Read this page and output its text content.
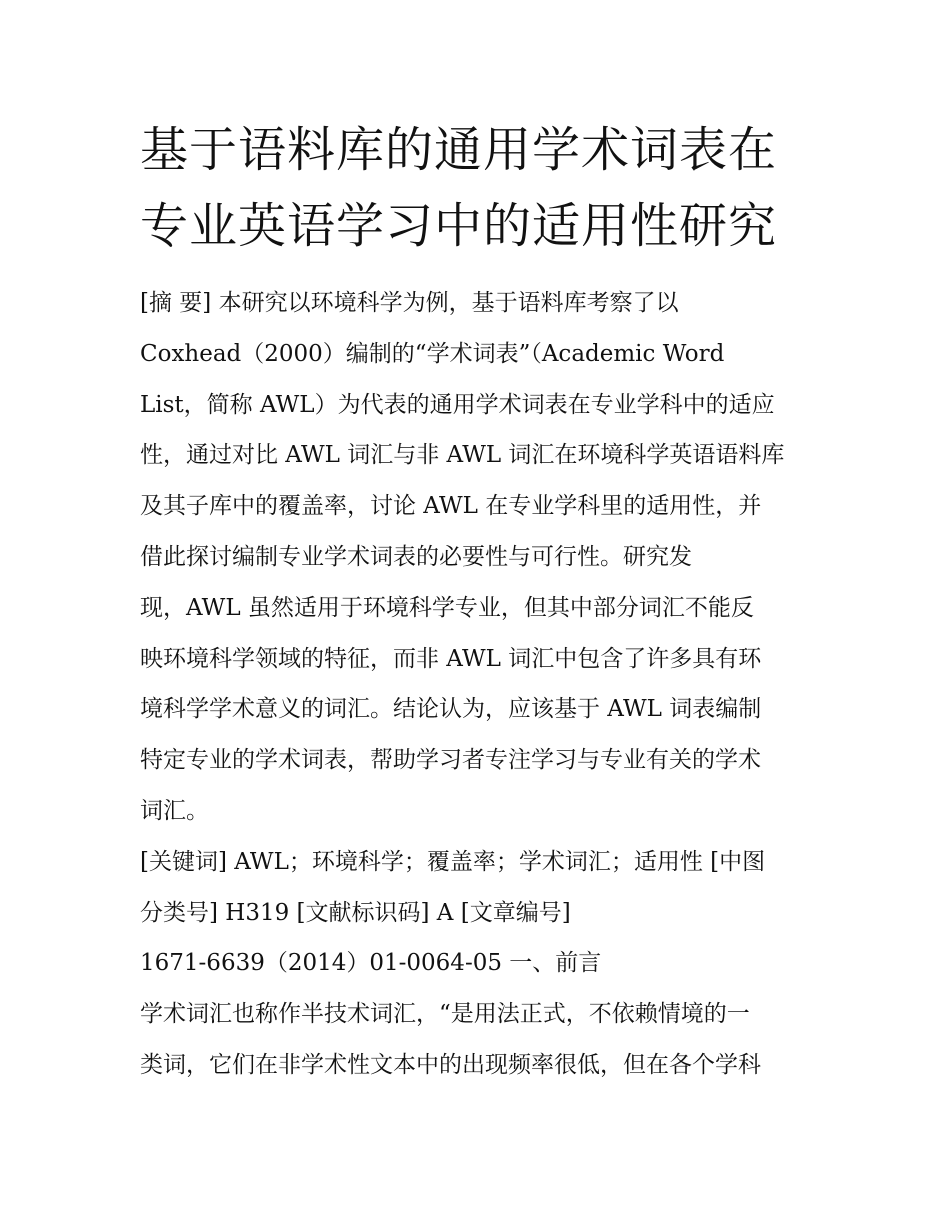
基于语料库的通用学术词表在
专业英语学习中的适用性研究
[摘 要] 本研究以环境科学为例，基于语料库考察了以
Coxhead（2000）编制的“学术词表”（Academic Word
List，简称 AWL）为代表的通用学术词表在专业学科中的适应
性，通过对比 AWL 词汇与非 AWL 词汇在环境科学英语语料库
及其子库中的覆盖率，讨论 AWL 在专业学科里的适用性，并
借此探讨编制专业学术词表的必要性与可行性。研究发
现，AWL 虽然适用于环境科学专业，但其中部分词汇不能反
映环境科学领域的特征，而非 AWL 词汇中包含了许多具有环
境科学学术意义的词汇。结论认为，应该基于 AWL 词表编制
特定专业的学术词表，帮助学习者专注学习与专业有关的学术
词汇。
[关键词] AWL；环境科学；覆盖率；学术词汇；适用性 [中图
分类号] H319 [文献标识码] A [文章编号]
1671-6639（2014）01-0064-05 一、前言
学术词汇也称作半技术词汇，“是用法正式，不依赖情境的一
类词，它们在非学术性文本中的出现频率很低，但在各个学科
